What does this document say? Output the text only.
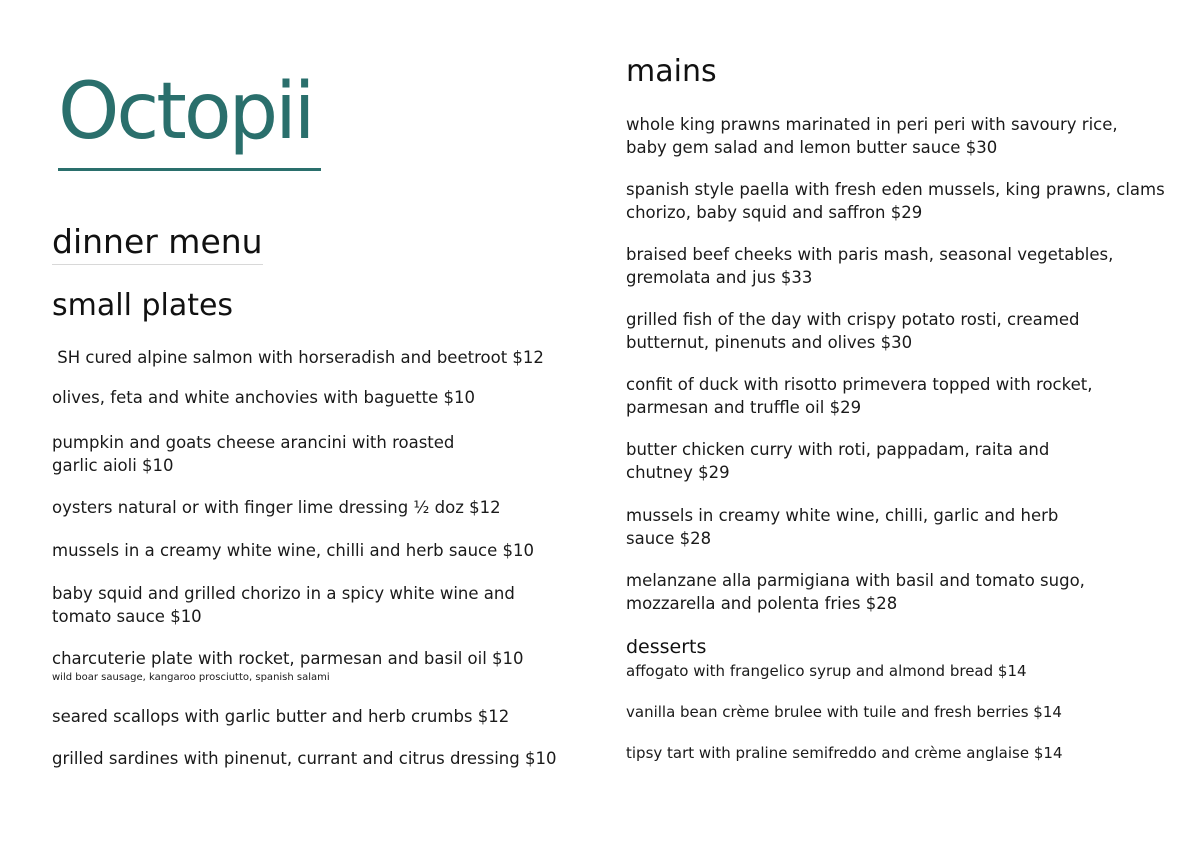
Octopii
dinner menu
small plates
SH cured alpine salmon with horseradish and beetroot $12
olives, feta and white anchovies with baguette $10
pumpkin and goats cheese arancini with roasted
garlic aioli $10
oysters natural or with finger lime dressing ½ doz $12
mussels in a creamy white wine, chilli and herb sauce $10
baby squid and grilled chorizo in a spicy white wine and
tomato sauce $10
charcuterie plate with rocket, parmesan and basil oil $10
wild boar sausage, kangaroo prosciutto, spanish salami
seared scallops with garlic butter and herb crumbs $12
grilled sardines with pinenut, currant and citrus dressing $10
mains
whole king prawns marinated in peri peri with savoury rice,
baby gem salad and lemon butter sauce $30
spanish style paella with fresh eden mussels, king prawns, clams
chorizo, baby squid and saffron $29
braised beef cheeks with paris mash, seasonal vegetables,
gremolata and jus $33
grilled fish of the day with crispy potato rosti, creamed
butternut, pinenuts and olives $30
confit of duck with risotto primevera topped with rocket,
parmesan and truffle oil $29
butter chicken curry with roti, pappadam, raita and
chutney $29
mussels in creamy white wine, chilli, garlic and herb
sauce $28
melanzane alla parmigiana with basil and tomato sugo,
mozzarella and polenta fries $28
desserts
affogato with frangelico syrup and almond bread $14
vanilla bean crème brulee with tuile and fresh berries $14
tipsy tart with praline semifreddo and crème anglaise $14
